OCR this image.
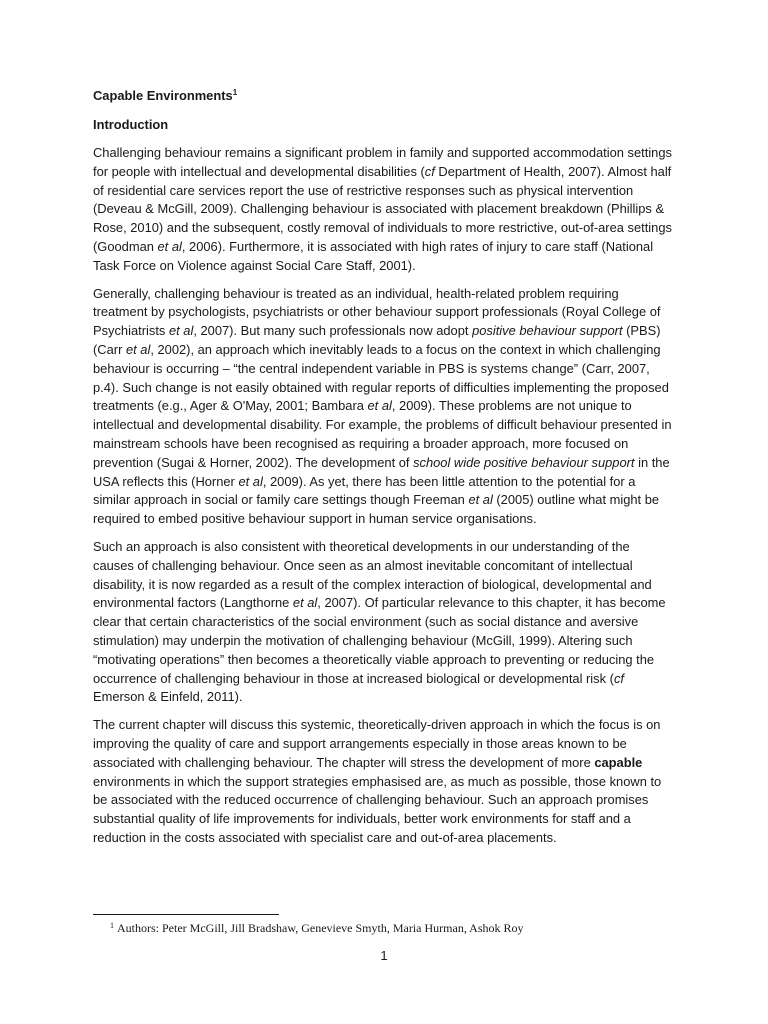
Capable Environments$^1$
Introduction

Challenging behaviour remains a significant problem in family and supported accommodation settings for people with intellectual and developmental disabilities (cf Department of Health, 2007). Almost half of residential care services report the use of restrictive responses such as physical intervention (Deveau & McGill, 2009). Challenging behaviour is associated with placement breakdown (Phillips & Rose, 2010) and the subsequent, costly removal of individuals to more restrictive, out-of-area settings (Goodman et al, 2006). Furthermore, it is associated with high rates of injury to care staff (National Task Force on Violence against Social Care Staff, 2001).

Generally, challenging behaviour is treated as an individual, health-related problem requiring treatment by psychologists, psychiatrists or other behaviour support professionals (Royal College of Psychiatrists et al, 2007). But many such professionals now adopt positive behaviour support (PBS) (Carr et al, 2002), an approach which inevitably leads to a focus on the context in which challenging behaviour is occurring – “the central independent variable in PBS is systems change” (Carr, 2007, p.4). Such change is not easily obtained with regular reports of difficulties implementing the proposed treatments (e.g., Ager & O'May, 2001; Bambara et al, 2009). These problems are not unique to intellectual and developmental disability. For example, the problems of difficult behaviour presented in mainstream schools have been recognised as requiring a broader approach, more focused on prevention (Sugai & Horner, 2002). The development of school wide positive behaviour support in the USA reflects this (Horner et al, 2009). As yet, there has been little attention to the potential for a similar approach in social or family care settings though Freeman et al (2005) outline what might be required to embed positive behaviour support in human service organisations.

Such an approach is also consistent with theoretical developments in our understanding of the causes of challenging behaviour. Once seen as an almost inevitable concomitant of intellectual disability, it is now regarded as a result of the complex interaction of biological, developmental and environmental factors (Langthorne et al, 2007). Of particular relevance to this chapter, it has become clear that certain characteristics of the social environment (such as social distance and aversive stimulation) may underpin the motivation of challenging behaviour (McGill, 1999). Altering such “motivating operations” then becomes a theoretically viable approach to preventing or reducing the occurrence of challenging behaviour in those at increased biological or developmental risk (cf Emerson & Einfeld, 2011).

The current chapter will discuss this systemic, theoretically-driven approach in which the focus is on improving the quality of care and support arrangements especially in those areas known to be associated with challenging behaviour. The chapter will stress the development of more capable environments in which the support strategies emphasised are, as much as possible, those known to be associated with the reduced occurrence of challenging behaviour. Such an approach promises substantial quality of life improvements for individuals, better work environments for staff and a reduction in the costs associated with specialist care and out-of-area placements.

$^1$ Authors: Peter McGill, Jill Bradshaw, Genevieve Smyth, Maria Hurman, Ashok Roy
1
